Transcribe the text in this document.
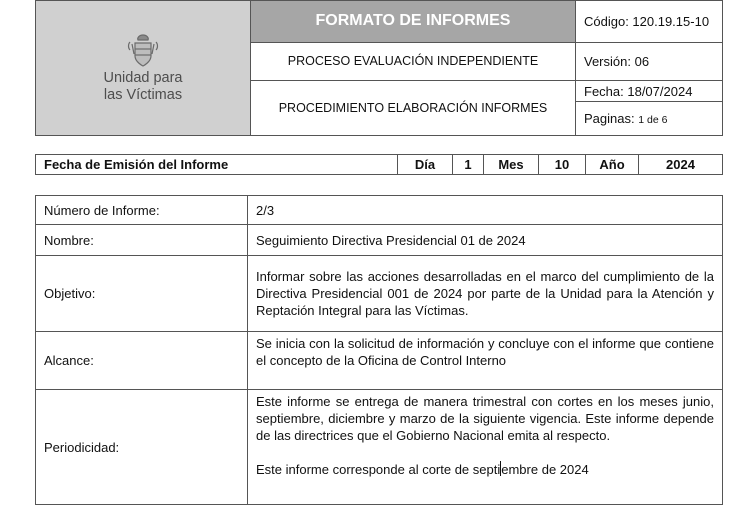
Unidad para
las Víctimas	FORMATO DE INFORMES	Código: 120.19.15-10
	PROCESO EVALUACIÓN INDEPENDIENTE	Versión: 06
	PROCEDIMIENTO ELABORACIÓN INFORMES	Fecha: 18/07/2024
		Paginas: 1 de 6
Fecha de Emisión del Informe	Día	1	Mes	10	Año	2024
Número de Informe:	2/3
Nombre:	Seguimiento Directiva Presidencial 01 de 2024
Objetivo:	Informar sobre las acciones desarrolladas en el marco del cumplimiento de la Directiva Presidencial 001 de 2024 por parte de la Unidad para la Atención y Reptación Integral para las Víctimas.
Alcance:	Se inicia con la solicitud de información y concluye con el informe que contiene el concepto de la Oficina de Control Interno
Periodicidad:	Este informe se entrega de manera trimestral con cortes en los meses junio, septiembre, diciembre y marzo de la siguiente vigencia. Este informe depende de las directrices que el Gobierno Nacional emita al respecto.
Este informe corresponde al corte de septiembre de 2024
